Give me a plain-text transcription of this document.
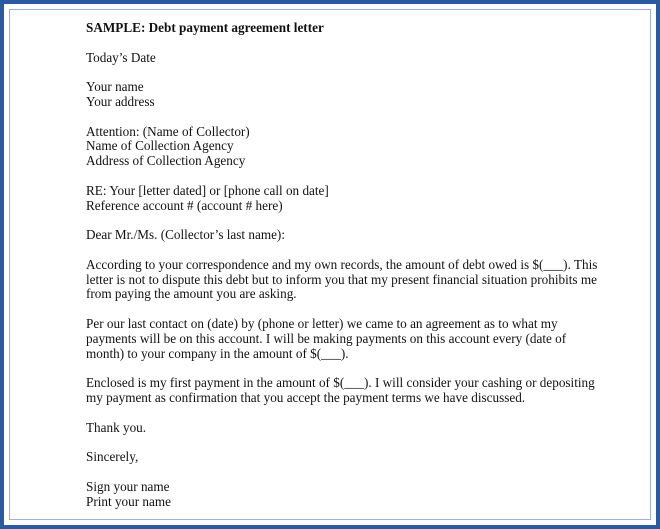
SAMPLE: Debt payment agreement letter
Today’s Date
Your name
Your address
Attention: (Name of Collector)
Name of Collection Agency
Address of Collection Agency
RE: Your [letter dated] or [phone call on date]
Reference account # (account # here)
Dear Mr./Ms. (Collector’s last name):
According to your correspondence and my own records, the amount of debt owed is $(___). This
letter is not to dispute this debt but to inform you that my present financial situation prohibits me
from paying the amount you are asking.
Per our last contact on (date) by (phone or letter) we came to an agreement as to what my
payments will be on this account. I will be making payments on this account every (date of
month) to your company in the amount of $(___).
Enclosed is my first payment in the amount of $(___). I will consider your cashing or depositing
my payment as confirmation that you accept the payment terms we have discussed.
Thank you.
Sincerely,
Sign your name
Print your name
